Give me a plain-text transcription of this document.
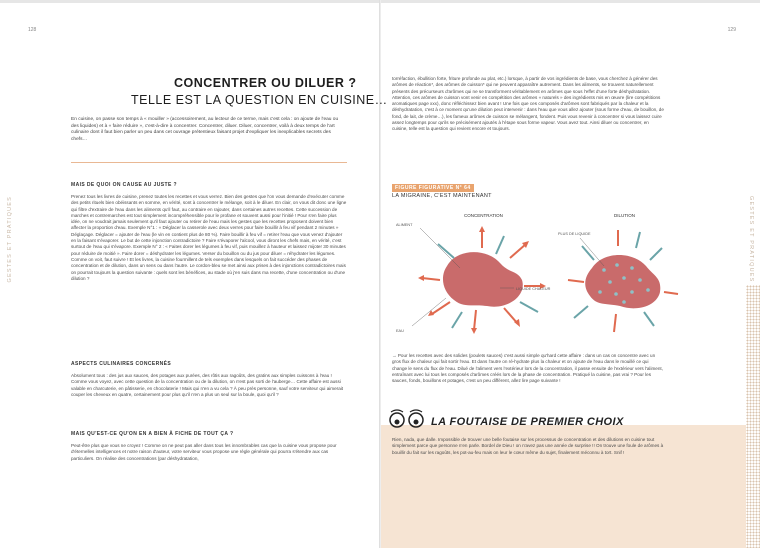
128	129
GESTES ET PRATIQUES	GESTES ET PRATIQUES
CONCENTRER OU DILUER ?
TELLE EST LA QUESTION EN CUISINE…
En cuisine, on passe son temps à « mouiller » (accessoirement, au lecteur de ce terme, mais c'est cela : on ajoute de l'eau ou des liquides) et à « faire réduire », c'est-à-dire à concentrer. Concentrer, diluer. Diluer, concentrer, voilà à deux temps de l'art culinaire dont il faut bien parler un peu dans cet ouvrage prétentieux faisant projet d'expliquer les inexplicables secrets des chefs…
MAIS DE QUOI ON CAUSE AU JUSTE ?
Prenez tous les livres de cuisine, prenez toutes les recettes et vous verrez. Bien des gestes que l'on vous demande d'exécuter comme des petits rituels bien obéissants en somme, en vérité, sont à concentrer le mélange, soit à le diluer. En clair, on vous dit donc une ligne qui filtre d'extraire de l'eau dans les aliments qu'il faut, au contraire en rajouter, dans certaines autres recettes. Cette succession de marches et contremarches est tout simplement incompréhensible pour le profane et souvent aussi pour l'initié ! Pour s'en faire plus idée, on ne voudrait jamais seulement qu'il faut ajouter ou retirer de l'eau mais les gestes que les recettes proposent doivent bien affecter la proportion d'eau. Exemple N°1 : « Déglacer la casserole avec deux verres pour faire bouillir à feu vif pendant 2 minutes » Déglaçage. Déglacer = ajouter de l'eau (le vin en contient plus de 80 %). Faire bouillir à feu vif = retirer l'eau que vous venez d'ajouter en la faisant s'évaporer. Le but de cette injonction contradictoire ? Faire s'évaporer l'alcool, vous diront les chefs mais, en vérité, c'est surtout de l'eau qui s'évapore. Exemple N° 2 : « Faites dorer les légumes à feu vif, puis mouillez à hauteur et laissez mijoter 30 minutes pour réduire de moitié ». Faire dorer = déshydrater les légumes. Verser du bouillon ou du jus pour diluer = réhydrater les légumes. Comme on voit, faut suivre ! Et les livres, la cuisine fourmillent de tels exemples dans lesquels on fait succéder des phases de concentration et de dilution, dans un sens ou dans l'autre. Le cordon-bleu se met ainsi aux prises à des injonctions contradictoires mais on pourrait toujours la question suivante : quels sont les bénéfices, au stade où j'en suis dans ma recette, d'une concentration ou d'une dilution ?
ASPECTS CULINAIRES CONCERNÉS
Absolument tous : des jus aux sauces, des potages aux purées, des rôtis aux ragoûts, des gratins aux simples cuissons à l'eau ! Comme vous voyez, avec cette question de la concentration ou de la dilution, on n'est pas sorti de l'auberge… Cette affaire est aussi valable en charcuterie, en pâtisserie, en chocolaterie ! Mais qui n'en a vu cela ? À peu près personne, sauf votre serviteur qui aimerait couper les cheveux en quatre, certainement pour plus qu'il n'en a plus un seul sur la boule, quoi qu'il ?
MAIS QU'EST-CE QU'ON EN A BIEN À FICHE DE TOUT ÇA ?
Peut-être plus que vous ne croyez ! Comme on ne peut pas aller dans tous les innombrables cas que la cuisine vous propose pour d'éternelles intelligences et notre raison d'auteur, votre serviteur vous propose une règle générale qui pourra s'étendre aux cas particuliers. On réalise des concentrations (par déshydratation,
torréfaction, ébullition forte, friture profonde au plat, etc.) lorsque, à partir de vos ingrédients de base, vous cherchez à générer des arômes de réaction*, des arômes de cuisson* qui ne peuvent apparaître autrement. Dans les aliments, se trouvent naturellement présents des précurseurs d'arômes qui ne se transforment véritablement en arômes que sous l'effet d'une forte déshydratation. Attention, ces arômes de cuisson vont venir en compétition des arômes « naturels » des ingrédients mis en œuvre (lire compétitions aromatiques page xxx), donc réfléchissez bien avant ! Une fois que ces composés d'arômes sont fabriqués par la chaleur et la déshydratation, c'est à ce moment qu'une dilution peut intervenir : dans l'eau que vous allez ajouter (sous forme d'eau, de bouillon, de fond, de lait, de crème…), les fameux arômes de cuisson se mélangent, fondent. Puis vous revenir à concentrer si vous laissez cuire assez longtemps pour qu'ils se précisément ajoutés à l'étape sous forme vapeur. Vous avez tout. Ainsi diluer ou concentrer, en cuisine, telle est la question qui revient encore et toujours.
FIGURE FIGURATIVE N° 64
LA MIGRAINE, C'EST MAINTENANT
CONCENTRATION	DILUTION
ALIMENT
LIQUIDE CHALEUR
EAU
PLUS DE LIQUIDE
→ Pour les recettes avec des solides (poulets sauces) c'est aussi simple qu'hard cette affaire : dans un cas on concentre avec un gros flux de chaleur qui fait sortir l'eau. Et dans l'autre on ré-hydrate plus la chaleur et on ajoute de l'eau dans le mouillé ce qui change le sens du flux de l'eau. Dilué de l'aliment vers l'extérieur lors de la concentration, il passe ensuite de l'extérieur vers l'aliment, entraînant avec lui tous les composés d'arômes créés lors de la phase de concentration. Pratiqué la cuisine, pas vrai ? Pour les sauces, fonds, bouillons et potages, c'est un peu différent, allez lire page suivante !
LA FOUTAISE DE PREMIER CHOIX
Rien, nada, que dalle. Impossible de trouver une belle foutaise sur les processus de concentration et des dilutions en cuisine tout simplement parce que personne n'en parle. Bordel de Dieu ! on n'avez pas une année de surprise !! On trouve une foule de arômes à bouillir du fait sur les ragoûts, les pot-au-feu mais on leur le cœur même du sujet, finalement méconnu à tort. Snif !
